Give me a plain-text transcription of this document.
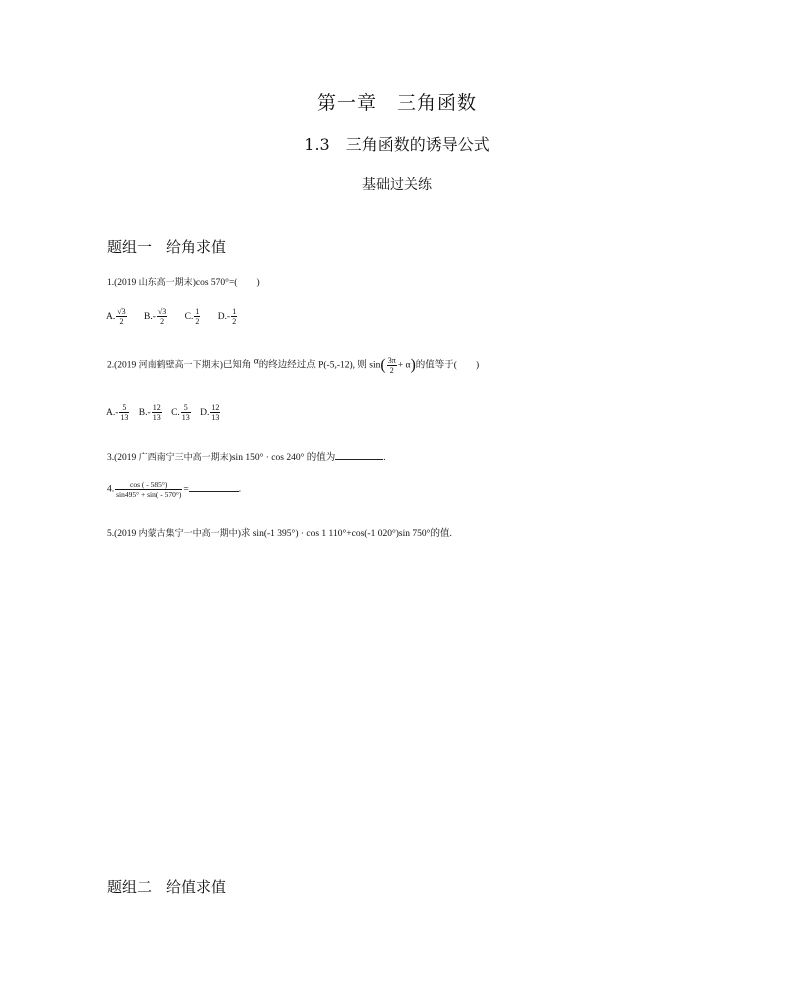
第一章　三角函数
1.3　三角函数的诱导公式
基础过关练
题组一 给角求值
1.(2019 山东高一期末)cos 570°=(　　)
A. $\frac{√3}{2} B.- \frac{√3}{2} C$. $\frac{1}{2} D.- \frac{1}{2}$
2.(2019 河南鹤壁高一下期末)已知角 α的终边经过点 P(-5,-12), 则 $\sin( \frac{3\pi}{2} + \alpha)$的值等于(　　)
$A.- \frac{5}{13} B.- \frac{12}{13} C$. $\frac{5}{13} D$. $\frac{12}{13}$
3.(2019 广西南宁三中高一期末)sin 150° · cos 240° 的值为	.
4. $\frac{\cos ( - 585^\circ)}{\sin 495^\circ + \sin( - 570^\circ)}$ =	.
5.(2019 内蒙古集宁一中高一期中)求 sin(-1 395°) · cos 1 110°+cos(-1 020°)sin 750°的值.
题组二 给值求值
